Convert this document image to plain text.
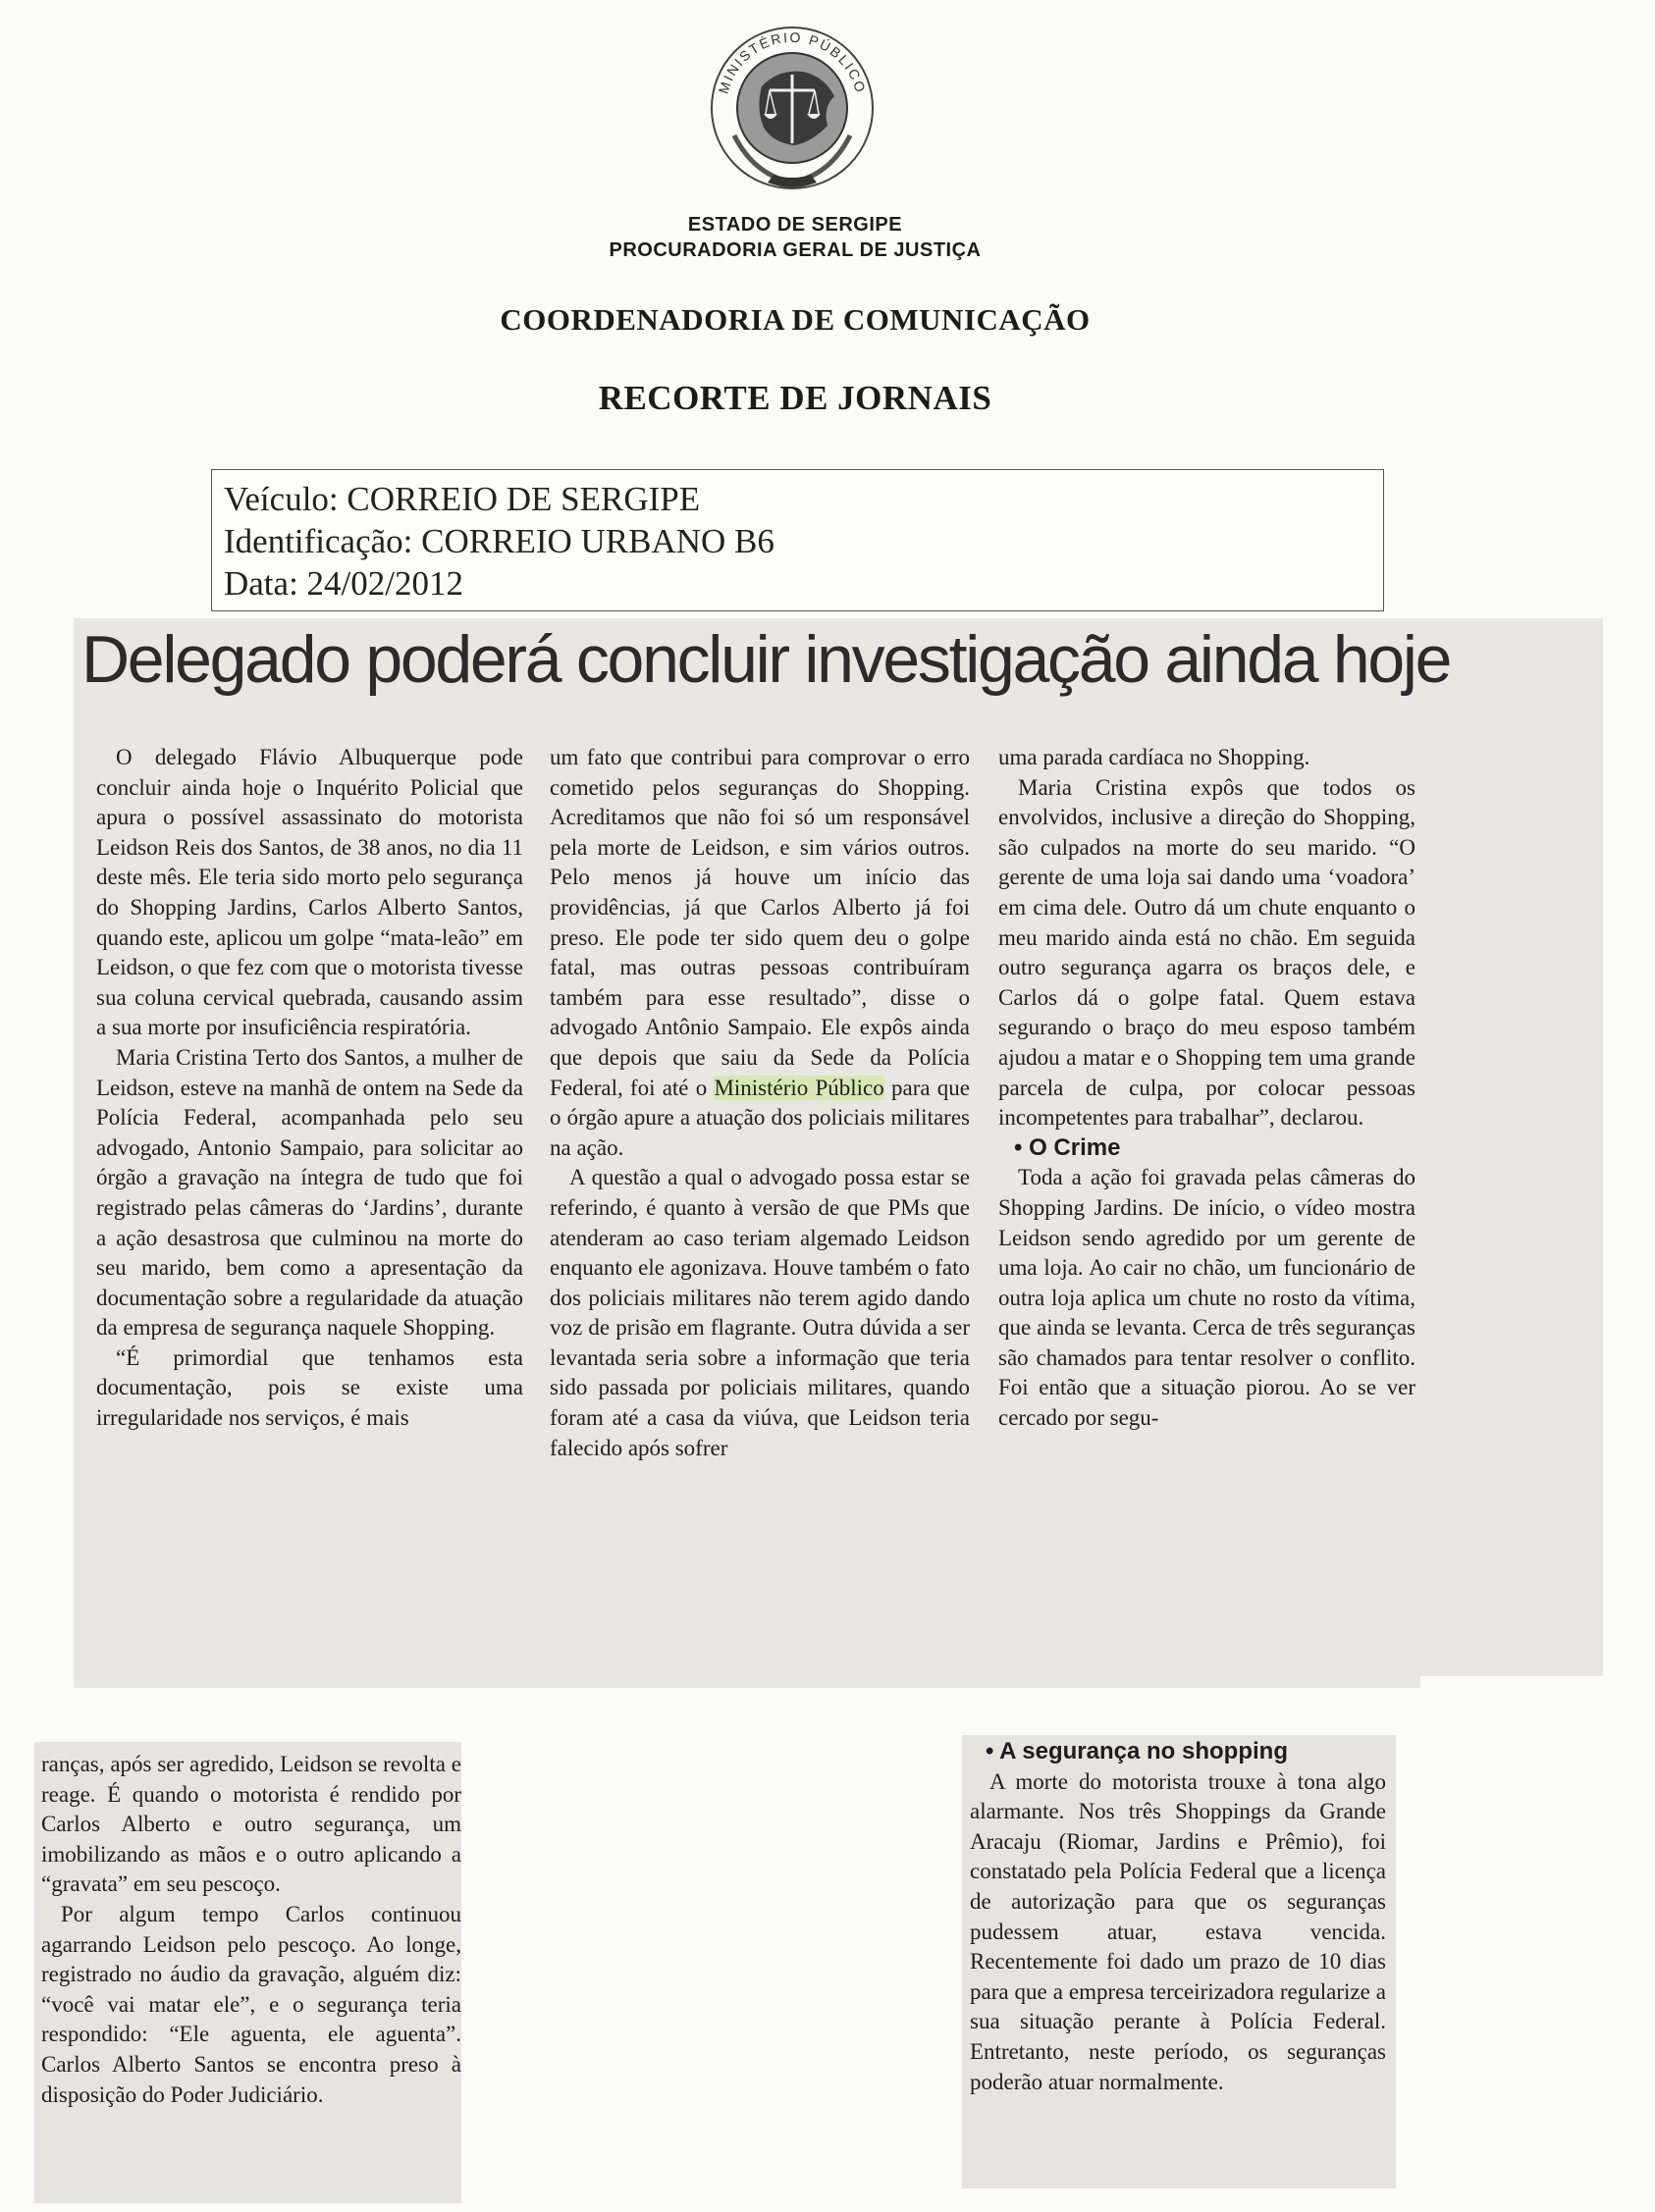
MINISTÉRIO PÚBLICO
ESTADO DE SERGIPE
PROCURADORIA GERAL DE JUSTIÇA
COORDENADORIA DE COMUNICAÇÃO
RECORTE DE JORNAIS
Veículo: CORREIO DE SERGIPE
Identificação: CORREIO URBANO B6
Data: 24/02/2012
Delegado poderá concluir investigação ainda hoje

O delegado Flávio Albuquerque pode concluir ainda hoje o Inquérito Policial que apura o possível assassinato do motorista Leidson Reis dos Santos, de 38 anos, no dia 11 deste mês. Ele teria sido morto pelo segurança do Shopping Jardins, Carlos Alberto Santos, quando este, aplicou um golpe “mata-leão” em Leidson, o que fez com que o motorista tivesse sua coluna cervical quebrada, causando assim a sua morte por insuficiência respiratória.

Maria Cristina Terto dos Santos, a mulher de Leidson, esteve na manhã de ontem na Sede da Polícia Federal, acompanhada pelo seu advogado, Antonio Sampaio, para solicitar ao órgão a gravação na íntegra de tudo que foi registrado pelas câmeras do ‘Jardins’, durante a ação desastrosa que culminou na morte do seu marido, bem como a apresentação da documentação sobre a regularidade da atuação da empresa de segurança naquele Shopping.

“É primordial que tenhamos esta documentação, pois se existe uma irregularidade nos serviços, é mais

um fato que contribui para comprovar o erro cometido pelos seguranças do Shopping. Acreditamos que não foi só um responsável pela morte de Leidson, e sim vários outros. Pelo menos já houve um início das providências, já que Carlos Alberto já foi preso. Ele pode ter sido quem deu o golpe fatal, mas outras pessoas contribuíram também para esse resultado”, disse o advogado Antônio Sampaio. Ele expôs ainda que depois que saiu da Sede da Polícia Federal, foi até o Ministério Público para que o órgão apure a atuação dos policiais militares na ação.

A questão a qual o advogado possa estar se referindo, é quanto à versão de que PMs que atenderam ao caso teriam algemado Leidson enquanto ele agonizava. Houve também o fato dos policiais militares não terem agido dando voz de prisão em flagrante. Outra dúvida a ser levantada seria sobre a informação que teria sido passada por policiais militares, quando foram até a casa da viúva, que Leidson teria falecido após sofrer

uma parada cardíaca no Shopping.

Maria Cristina expôs que todos os envolvidos, inclusive a direção do Shopping, são culpados na morte do seu marido. “O gerente de uma loja sai dando uma ‘voadora’ em cima dele. Outro dá um chute enquanto o meu marido ainda está no chão. Em seguida outro segurança agarra os braços dele, e Carlos dá o golpe fatal. Quem estava segurando o braço do meu esposo também ajudou a matar e o Shopping tem uma grande parcela de culpa, por colocar pessoas incompetentes para trabalhar”, declarou.

• O Crime

Toda a ação foi gravada pelas câmeras do Shopping Jardins. De início, o vídeo mostra Leidson sendo agredido por um gerente de uma loja. Ao cair no chão, um funcionário de outra loja aplica um chute no rosto da vítima, que ainda se levanta. Cerca de três seguranças são chamados para tentar resolver o conflito. Foi então que a situação piorou. Ao se ver cercado por segu-

ranças, após ser agredido, Leidson se revolta e reage. É quando o motorista é rendido por Carlos Alberto e outro segurança, um imobilizando as mãos e o outro aplicando a “gravata” em seu pescoço.

Por algum tempo Carlos continuou agarrando Leidson pelo pescoço. Ao longe, registrado no áudio da gravação, alguém diz: “você vai matar ele”, e o segurança teria respondido: “Ele aguenta, ele aguenta”. Carlos Alberto Santos se encontra preso à disposição do Poder Judiciário.

• A segurança no shopping

A morte do motorista trouxe à tona algo alarmante. Nos três Shoppings da Grande Aracaju (Riomar, Jardins e Prêmio), foi constatado pela Polícia Federal que a licença de autorização para que os seguranças pudessem atuar, estava vencida. Recentemente foi dado um prazo de 10 dias para que a empresa terceirizadora regularize a sua situação perante à Polícia Federal. Entretanto, neste período, os seguranças poderão atuar normalmente.
